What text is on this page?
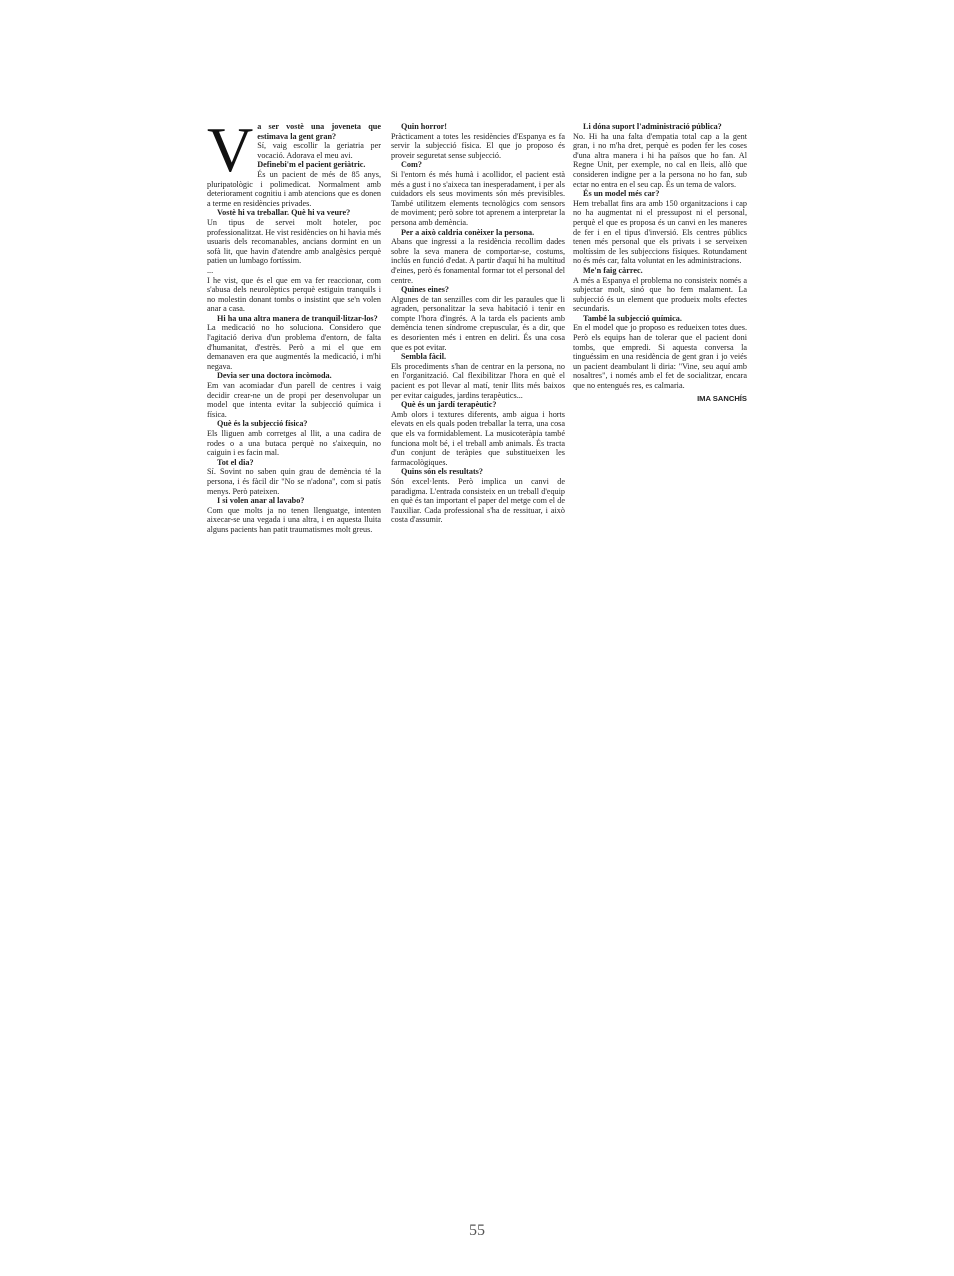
V a ser vostè una joveneta que estimava la gent gran?

Sí, vaig escollir la geriatria per vocació. Adorava el meu avi.

Definebi'm el pacient geriàtric.

És un pacient de més de 85 anys, pluripatològic i polimedicat. Normalment amb deteriorament cognitiu i amb atencions que es donen a terme en residències privades.

Vostè hi va treballar. Què hi va veure?

Un tipus de servei molt hoteler, poc professionalitzat. He vist residències on hi havia més usuaris dels recomanables, ancians dormint en un sofà lit, que havin d'atendre amb analgèsics perquè patien un lumbago fortíssim.

...

I he vist, que és el que em va fer reaccionar, com s'abusa dels neurolèptics perquè estiguin tranquils i no molestin donant tombs o insistint que se'n volen anar a casa.

Hi ha una altra manera de tranquil·litzar-los?

La medicació no ho soluciona. Considero que l'agitació deriva d'un problema d'entorn, de falta d'humanitat, d'estrès. Però a mi el que em demanaven era que augmentés la medicació, i m'hi negava.

Devia ser una doctora incòmoda.

Em van acomiadar d'un parell de centres i vaig decidir crear-ne un de propi per desenvolupar un model que intenta evitar la subjecció química i física.

Què és la subjecció física?

Els lliguen amb corretges al llit, a una cadira de rodes o a una butaca perquè no s'aixequin, no caiguin i es facin mal.

Tot el dia?

Sí. Sovint no saben quin grau de demència té la persona, i és fàcil dir "No se n'adona", com si patís menys. Però pateixen.

I si volen anar al lavabo?

Com que molts ja no tenen llenguatge, intenten aixecar-se una vegada i una altra, i en aquesta lluita alguns pacients han patit traumatismes molt greus.

Quin horror!

Pràcticament a totes les residències d'Espanya es fa servir la subjecció física. El que jo proposo és proveir seguretat sense subjecció.

Com?

Si l'entorn és més humà i acollidor, el pacient està més a gust i no s'aixeca tan inesperadament, i per als cuidadors els seus moviments són més previsibles. També utilitzem elements tecnològics com sensors de moviment; però sobre tot aprenem a interpretar la persona amb demència.

Per a això caldria conèixer la persona.

Abans que ingressi a la residència recollim dades sobre la seva manera de comportar-se, costums, inclús en funció d'edat. A partir d'aquí hi ha multitud d'eines, però és fonamental formar tot el personal del centre.

Quines eines?

Algunes de tan senzilles com dir les paraules que li agraden, personalitzar la seva habitació i tenir en compte l'hora d'ingrés. A la tarda els pacients amb demència tenen síndrome crepuscular, és a dir, que es desorienten més i entren en deliri. És una cosa que es pot evitar.

Sembla fàcil.

Els procediments s'han de centrar en la persona, no en l'organització. Cal flexibilitzar l'hora en què el pacient es pot llevar al matí, tenir llits més baixos per evitar caigudes, jardins terapèutics...

Què és un jardí terapèutic?

Amb olors i textures diferents, amb aigua i horts elevats en els quals poden treballar la terra, una cosa que els va formidablement. La musicoteràpia també funciona molt bé, i el treball amb animals. És tracta d'un conjunt de teràpies que substitueixen les farmacològiques.

Quins són els resultats?

Són excel·lents. Però implica un canvi de paradigma. L'entrada consisteix en un treball d'equip en què és tan important el paper del metge com el de l'auxiliar. Cada professional s'ha de ressituar, i això costa d'assumir.

Li dóna suport l'administració pública?

No. Hi ha una falta d'empatia total cap a la gent gran, i no m'ha dret, perquè es poden fer les coses d'una altra manera i hi ha països que ho fan. Al Regne Unit, per exemple, no cal en lleis, allò que consideren indigne per a la persona no ho fan, sub ectar no entra en el seu cap. És un tema de valors.

És un model més car?

Hem treballat fins ara amb 150 organitzacions i cap no ha augmentat ni el pressupost ni el personal, perquè el que es proposa és un canvi en les maneres de fer i en el tipus d'inversió. Els centres públics tenen més personal que els privats i se serveixen moltíssim de les subjeccions físiques. Rotundament no és més car, falta voluntat en les administracions.

Me'n faig càrrec.

A més a Espanya el problema no consisteix només a subjectar molt, sinó que ho fem malament. La subjecció és un element que produeix molts efectes secundaris.

També la subjecció química.

En el model que jo proposo es redueixen totes dues. Però els equips han de tolerar que el pacient doni tombs, que empredi. Si aquesta conversa la tinguéssim en una residència de gent gran i jo veiés un pacient deambulant li diria: "Vine, seu aquí amb nosaltres", i només amb el fet de socialitzar, encara que no entengués res, es calmaria.

IMA SANCHÍS

55
